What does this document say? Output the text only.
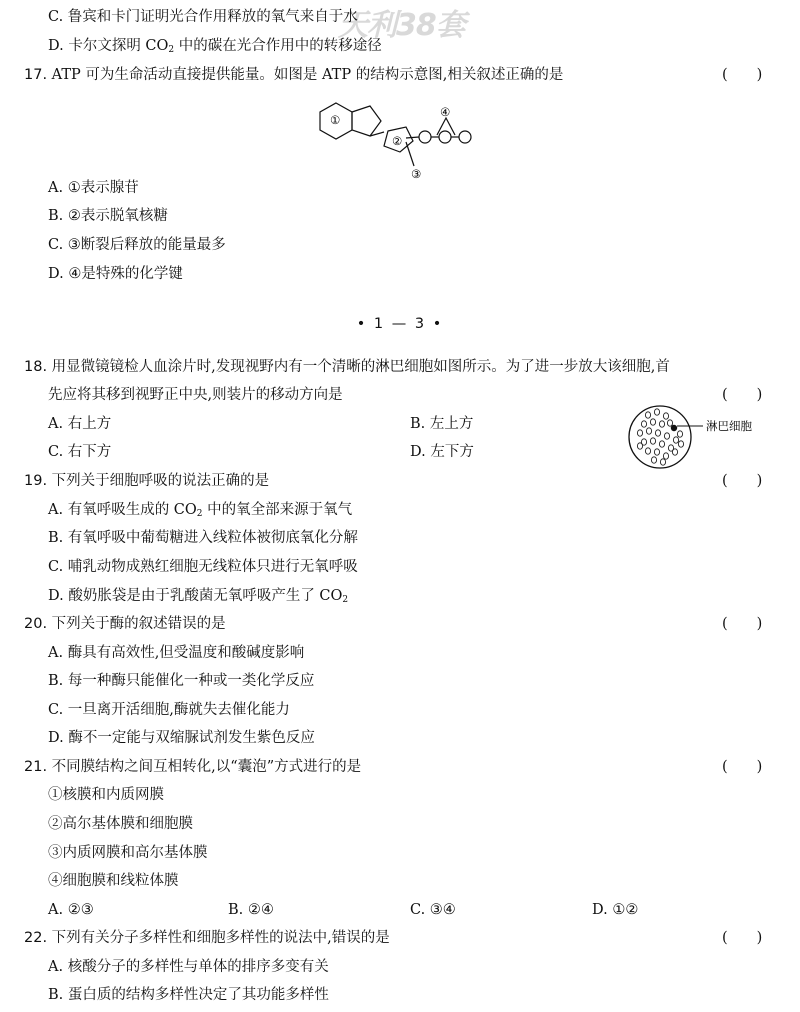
天利38套
C. 鲁宾和卡门证明光合作用释放的氧气来自于水
D. 卡尔文探明 $CO_2$ 中的碳在光合作用中的转移途径
17. ATP 可为生命活动直接提供能量。如图是 ATP 的结构示意图,相关叙述正确的是	(　　)
①
②
③
④
A. ①表示腺苷
B. ②表示脱氧核糖
C. ③断裂后释放的能量最多
D. ④是特殊的化学键
• 1 — 3 •
18. 用显微镜镜检人血涂片时,发现视野内有一个清晰的淋巴细胞如图所示。为了进一步放大该细胞,首
先应将其移到视野正中央,则装片的移动方向是	(　　)
A. 右上方	B. 左上方
C. 右下方	D. 左下方
淋巴细胞
19. 下列关于细胞呼吸的说法正确的是	(　　)
A. 有氧呼吸生成的 $CO_2$ 中的氧全部来源于氧气
B. 有氧呼吸中葡萄糖进入线粒体被彻底氧化分解
C. 哺乳动物成熟红细胞无线粒体只进行无氧呼吸
D. 酸奶胀袋是由于乳酸菌无氧呼吸产生了 $CO_2$
20. 下列关于酶的叙述错误的是	(　　)
A. 酶具有高效性,但受温度和酸碱度影响
B. 每一种酶只能催化一种或一类化学反应
C. 一旦离开活细胞,酶就失去催化能力
D. 酶不一定能与双缩脲试剂发生紫色反应
21. 不同膜结构之间互相转化,以“囊泡”方式进行的是	(　　)
①核膜和内质网膜
②高尔基体膜和细胞膜
③内质网膜和高尔基体膜
④细胞膜和线粒体膜
A. ②③	B. ②④	C. ③④	D. ①②
22. 下列有关分子多样性和细胞多样性的说法中,错误的是	(　　)
A. 核酸分子的多样性与单体的排序多变有关
B. 蛋白质的结构多样性决定了其功能多样性
